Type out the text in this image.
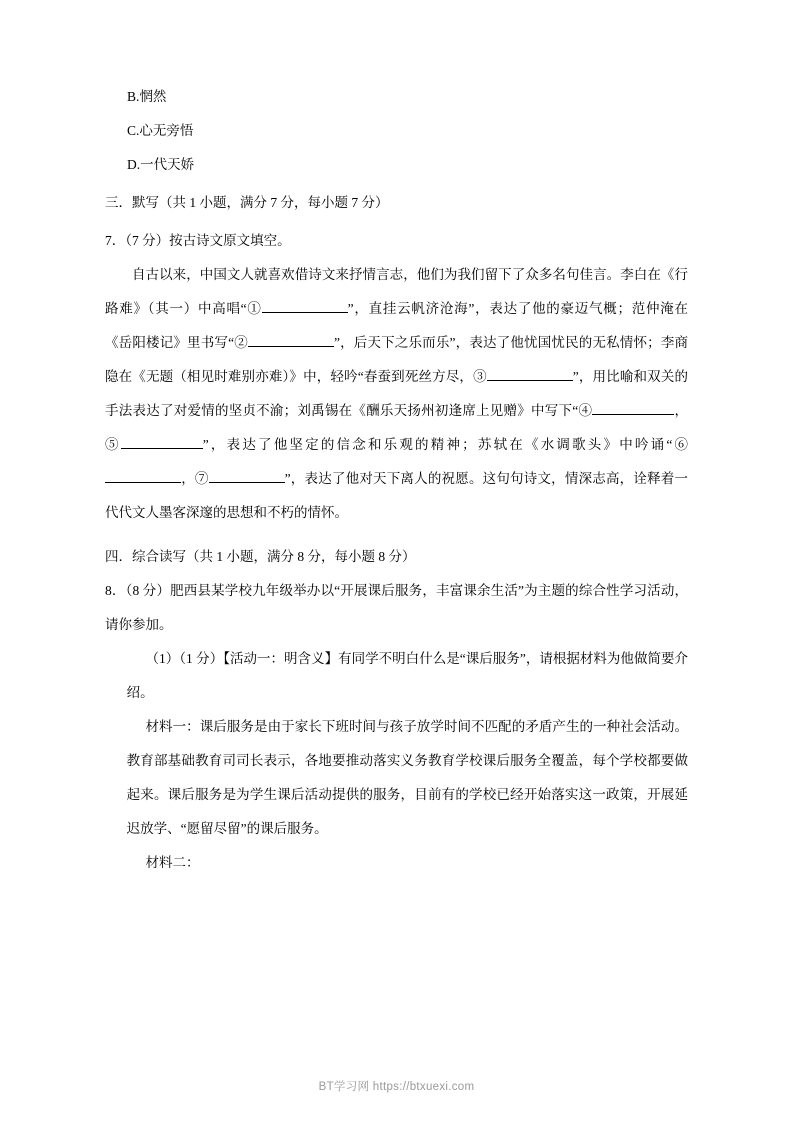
B.惘然
C.心无旁悟
D.一代天娇
三．默写（共 1 小题，满分 7 分，每小题 7 分）
7．（7 分）按古诗文原文填空。
自古以来，中国文人就喜欢借诗文来抒情言志，他们为我们留下了众多名句佳言。李白在《行路难》（其一）中高唱“①	”，直挂云帆济沧海”，表达了他的豪迈气概；范仲淹在《岳阳楼记》里书写“②	”，后天下之乐而乐”，表达了他忧国忧民的无私情怀；李商隐在《无题（相见时难别亦难）》中，轻吟“春蚕到死丝方尽，③	”，用比喻和双关的手法表达了对爱情的坚贞不渝；刘禹锡在《酬乐天扬州初逢席上见赠》中写下“④	，⑤	”，表达了他坚定的信念和乐观的精神；苏轼在《水调歌头》中吟诵“⑥，⑦	”，表达了他对天下离人的祝愿。这句句诗文，情深志高，诠释着一代代文人墨客深邃的思想和不朽的情怀。
四．综合读写（共 1 小题，满分 8 分，每小题 8 分）
8．（8 分）肥西县某学校九年级举办以“开展课后服务，丰富课余生活”为主题的综合性学习活动，请你参加。
（1）（1 分）【活动一：明含义】有同学不明白什么是“课后服务”，请根据材料为他做简要介绍。
材料一：课后服务是由于家长下班时间与孩子放学时间不匹配的矛盾产生的一种社会活动。教育部基础教育司司长表示，各地要推动落实义务教育学校课后服务全覆盖，每个学校都要做起来。课后服务是为学生课后活动提供的服务，目前有的学校已经开始落实这一政策，开展延迟放学、“愿留尽留”的课后服务。
材料二：
BT学习网 https://btxuexi.com
